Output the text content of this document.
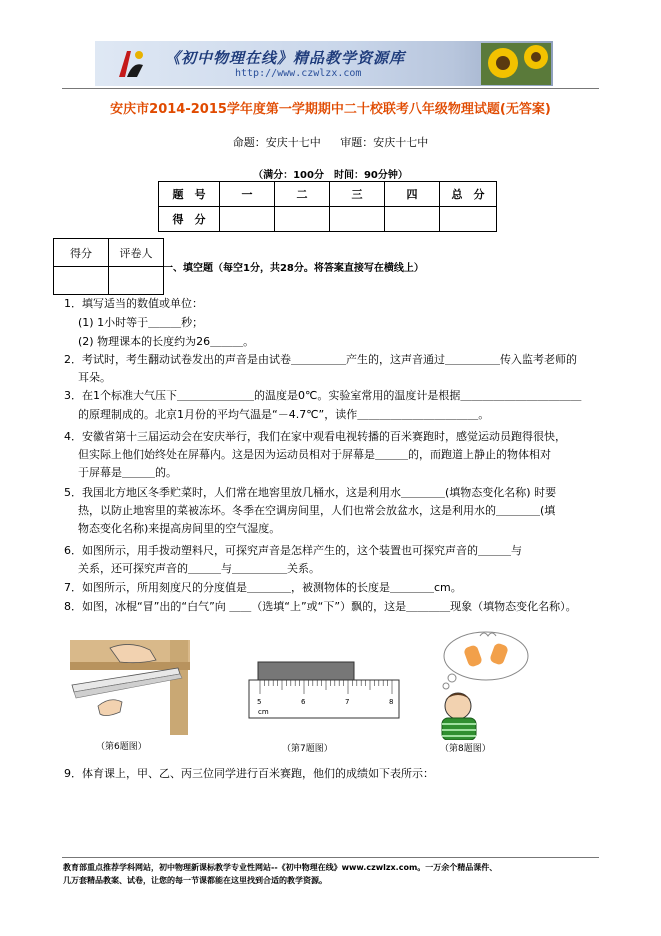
《初中物理在线》精品教学资源库
http://www.czwlzx.com
安庆市2014-2015学年度第一学期期中二十校联考八年级物理试题(无答案)
命题：安庆十七中 审题：安庆十七中
（满分：100分　时间：90分钟）
题　号	一	二	三	四	总　分
得　分					
得分	评卷人

一、填空题（每空1分，共28分。将答案直接写在横线上）
1．填写适当的数值或单位：
(1) 1小时等于＿＿＿秒；
(2) 物理课本的长度约为26＿＿＿。
2．考试时，考生翻动试卷发出的声音是由试卷＿＿＿＿＿产生的，这声音通过＿＿＿＿＿传入监考老师的
耳朵。
3．在1个标准大气压下＿＿＿＿＿＿＿的温度是0℃。实验室常用的温度计是根据＿＿＿＿＿＿＿＿＿＿＿
的原理制成的。北京1月份的平均气温是“－4.7℃”，读作＿＿＿＿＿＿＿＿＿＿＿。
4．安徽省第十三届运动会在安庆举行，我们在家中观看电视转播的百米赛跑时，感觉运动员跑得很快，
但实际上他们始终处在屏幕内。这是因为运动员相对于屏幕是＿＿＿的，而跑道上静止的物体相对
于屏幕是＿＿＿的。
5．我国北方地区冬季贮菜时，人们常在地窖里放几桶水，这是利用水＿＿＿＿(填物态变化名称) 时要
热，以防止地窖里的菜被冻坏。冬季在空调房间里，人们也常会放盆水，这是利用水的＿＿＿＿(填
物态变化名称)来提高房间里的空气湿度。
6．如图所示，用手拨动塑料尺，可探究声音是怎样产生的，这个装置也可探究声音的＿＿＿与
关系，还可探究声音的＿＿＿与＿＿＿＿＿关系。
7．如图所示，所用刻度尺的分度值是＿＿＿＿，被测物体的长度是＿＿＿＿cm。
8．如图，冰棍“冒”出的“白气”向 ＿＿（选填“上”或“下”）飘的，这是＿＿＿＿现象（填物态变化名称）。
（第6题图）
5
cm
6	7	8
（第7题图）	（第8题图）
9．体育课上，甲、乙、丙三位同学进行百米赛跑，他们的成绩如下表所示：
教育部重点推荐学科网站，初中物理新课标教学专业性网站--《初中物理在线》www.czwlzx.com。一万余个精品课件、
几万套精品教案、试卷，让您的每一节课都能在这里找到合适的教学资源。
